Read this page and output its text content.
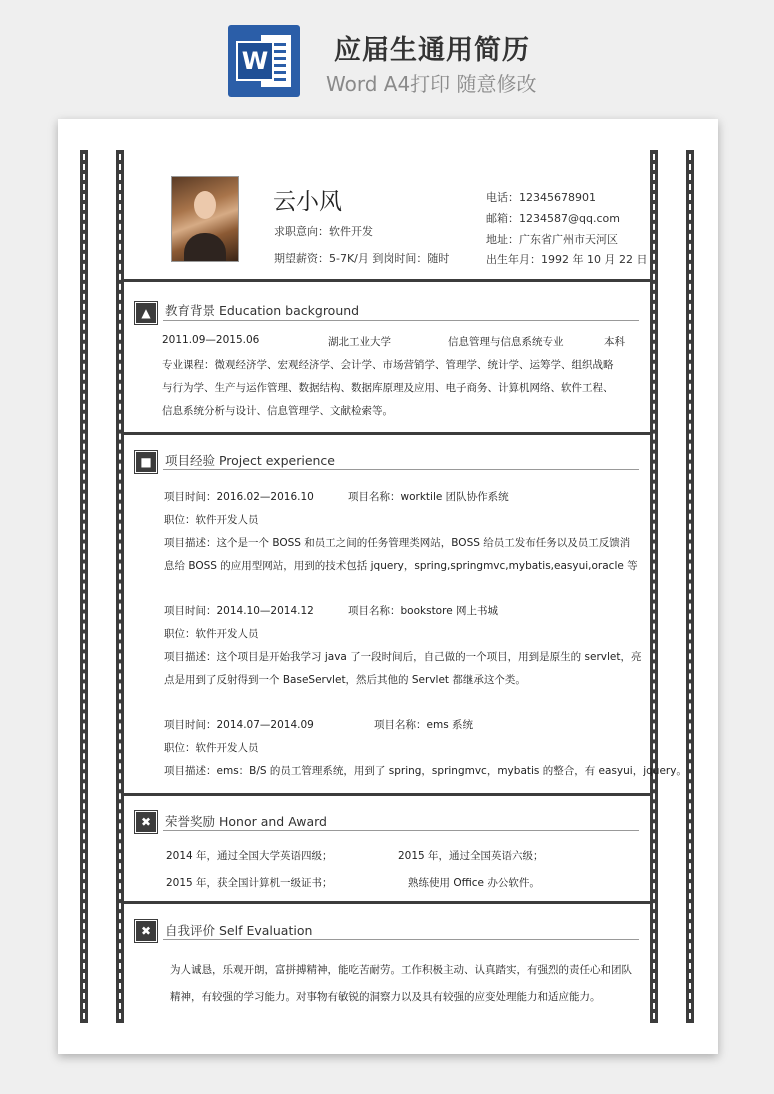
W 应届生通用简历
Word A4打印 随意修改
云小风
求职意向：软件开发
期望薪资：5-7K/月 到岗时间：随时
电话：12345678901
邮箱：1234587@qq.com
地址：广东省广州市天河区
出生年月：1992 年 10 月 22 日
▲	教育背景 Education background
2011.09—2015.06	湖北工业大学	信息管理与信息系统专业	本科
专业课程：微观经济学、宏观经济学、会计学、市场营销学、管理学、统计学、运筹学、组织战略
与行为学、生产与运作管理、数据结构、数据库原理及应用、电子商务、计算机网络、软件工程、
信息系统分析与设计、信息管理学、文献检索等。
■	项目经验 Project experience
项目时间：2016.02—2016.10	项目名称：worktile 团队协作系统
职位：软件开发人员
项目描述：这个是一个 BOSS 和员工之间的任务管理类网站，BOSS 给员工发布任务以及员工反馈消
息给 BOSS 的应用型网站，用到的技术包括 jquery，spring,springmvc,mybatis,easyui,oracle 等
项目时间：2014.10—2014.12	项目名称：bookstore 网上书城
职位：软件开发人员
项目描述：这个项目是开始我学习 java 了一段时间后，自己做的一个项目，用到是原生的 servlet，亮
点是用到了反射得到一个 BaseServlet，然后其他的 Servlet 都继承这个类。
项目时间：2014.07—2014.09	项目名称：ems 系统
职位：软件开发人员
项目描述：ems：B/S 的员工管理系统，用到了 spring，springmvc，mybatis 的整合，有 easyui，jquery。
✖	荣誉奖励 Honor and Award
2014 年，通过全国大学英语四级；	2015 年，通过全国英语六级；
2015 年，获全国计算机一级证书；	熟练使用 Office 办公软件。
✖	自我评价 Self Evaluation
为人诚恳，乐观开朗，富拼搏精神，能吃苦耐劳。工作积极主动、认真踏实，有强烈的责任心和团队
精神，有较强的学习能力。对事物有敏锐的洞察力以及具有较强的应变处理能力和适应能力。
